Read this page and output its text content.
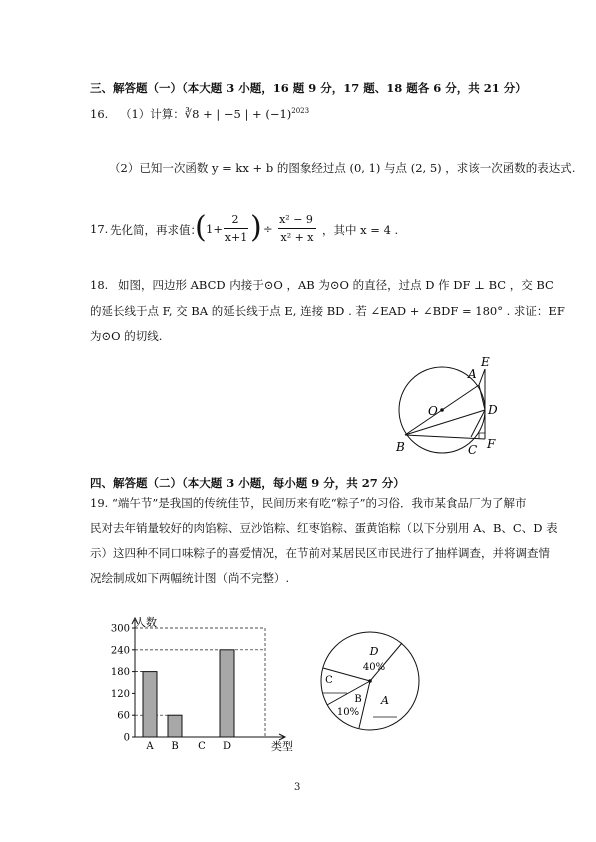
三、解答题（一）（本大题 3 小题，16 题 9 分，17 题、18 题各 6 分，共 21 分）
16. （1）计算：∛8 + | −5 | + $(-1)^{2023}$
（2）已知一次函数 y = kx + b 的图象经过点 (0, 1) 与点 (2, 5) ，求该一次函数的表达式.
17. 先化简，再求值：
( 1+
2
x+1 ) ÷
x² − 9
x² + x
，其中 x = 4 .
18. 如图，四边形 ABCD 内接于⊙O ，AB 为⊙O 的直径，过点 D 作 DF ⊥ BC ，交 BC
的延长线于点 F, 交 BA 的延长线于点 E, 连接 BD . 若 ∠EAD + ∠BDF = 180° . 求证：EF
为⊙O 的切线.
E
A
O	D
B	C F
四、解答题（二）（本大题 3 小题，每小题 9 分，共 27 分）
19. “端午节”是我国的传统佳节，民间历来有吃“粽子”的习俗．我市某食品厂为了解市
民对去年销量较好的肉馅粽、豆沙馅粽、红枣馅粽、蛋黄馅粽（以下分别用 A、B、C、D 表
示）这四种不同口味粽子的喜爱情况，在节前对某居民区市民进行了抽样调查，并将调查情
况绘制成如下两幅统计图（尚不完整）.
0
60
120
180
240
300
A B C D
人数
类型
D
40%
A
B
10%
C
3
